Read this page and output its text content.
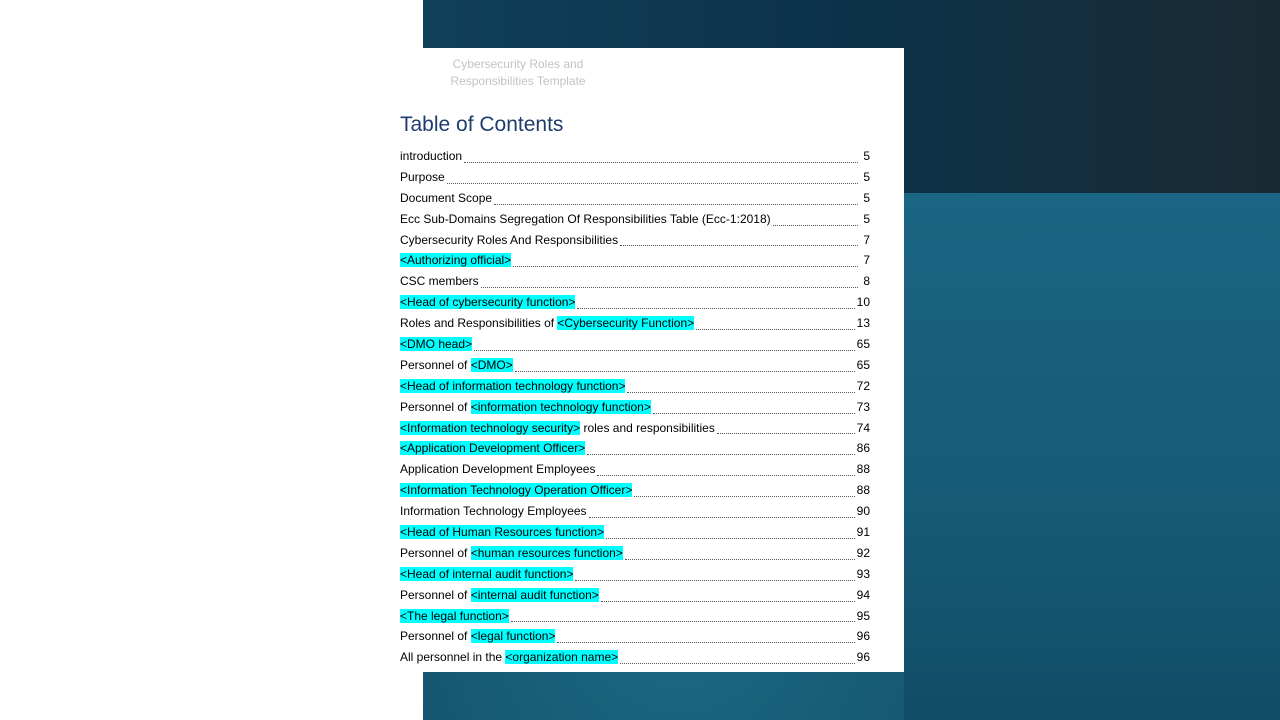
Cybersecurity Roles and
Responsibilities Template
Table of Contents
introduction	5
Purpose	5
Document Scope	5
Ecc Sub-Domains Segregation Of Responsibilities Table (Ecc-1:2018)	5
Cybersecurity Roles And Responsibilities	7
<Authorizing official>	7
CSC members	8
<Head of cybersecurity function>	10
Roles and Responsibilities of <Cybersecurity Function>	13
<DMO head>	65
Personnel of <DMO>	65
<Head of information technology function>	72
Personnel of <information technology function>	73
<Information technology security> roles and responsibilities	74
<Application Development Officer>	86
Application Development Employees	88
<Information Technology Operation Officer>	88
Information Technology Employees	90
<Head of Human Resources function>	91
Personnel of <human resources function>	92
<Head of internal audit function>	93
Personnel of <internal audit function>	94
<The legal function>	95
Personnel of <legal function>	96
All personnel in the <organization name>	96
